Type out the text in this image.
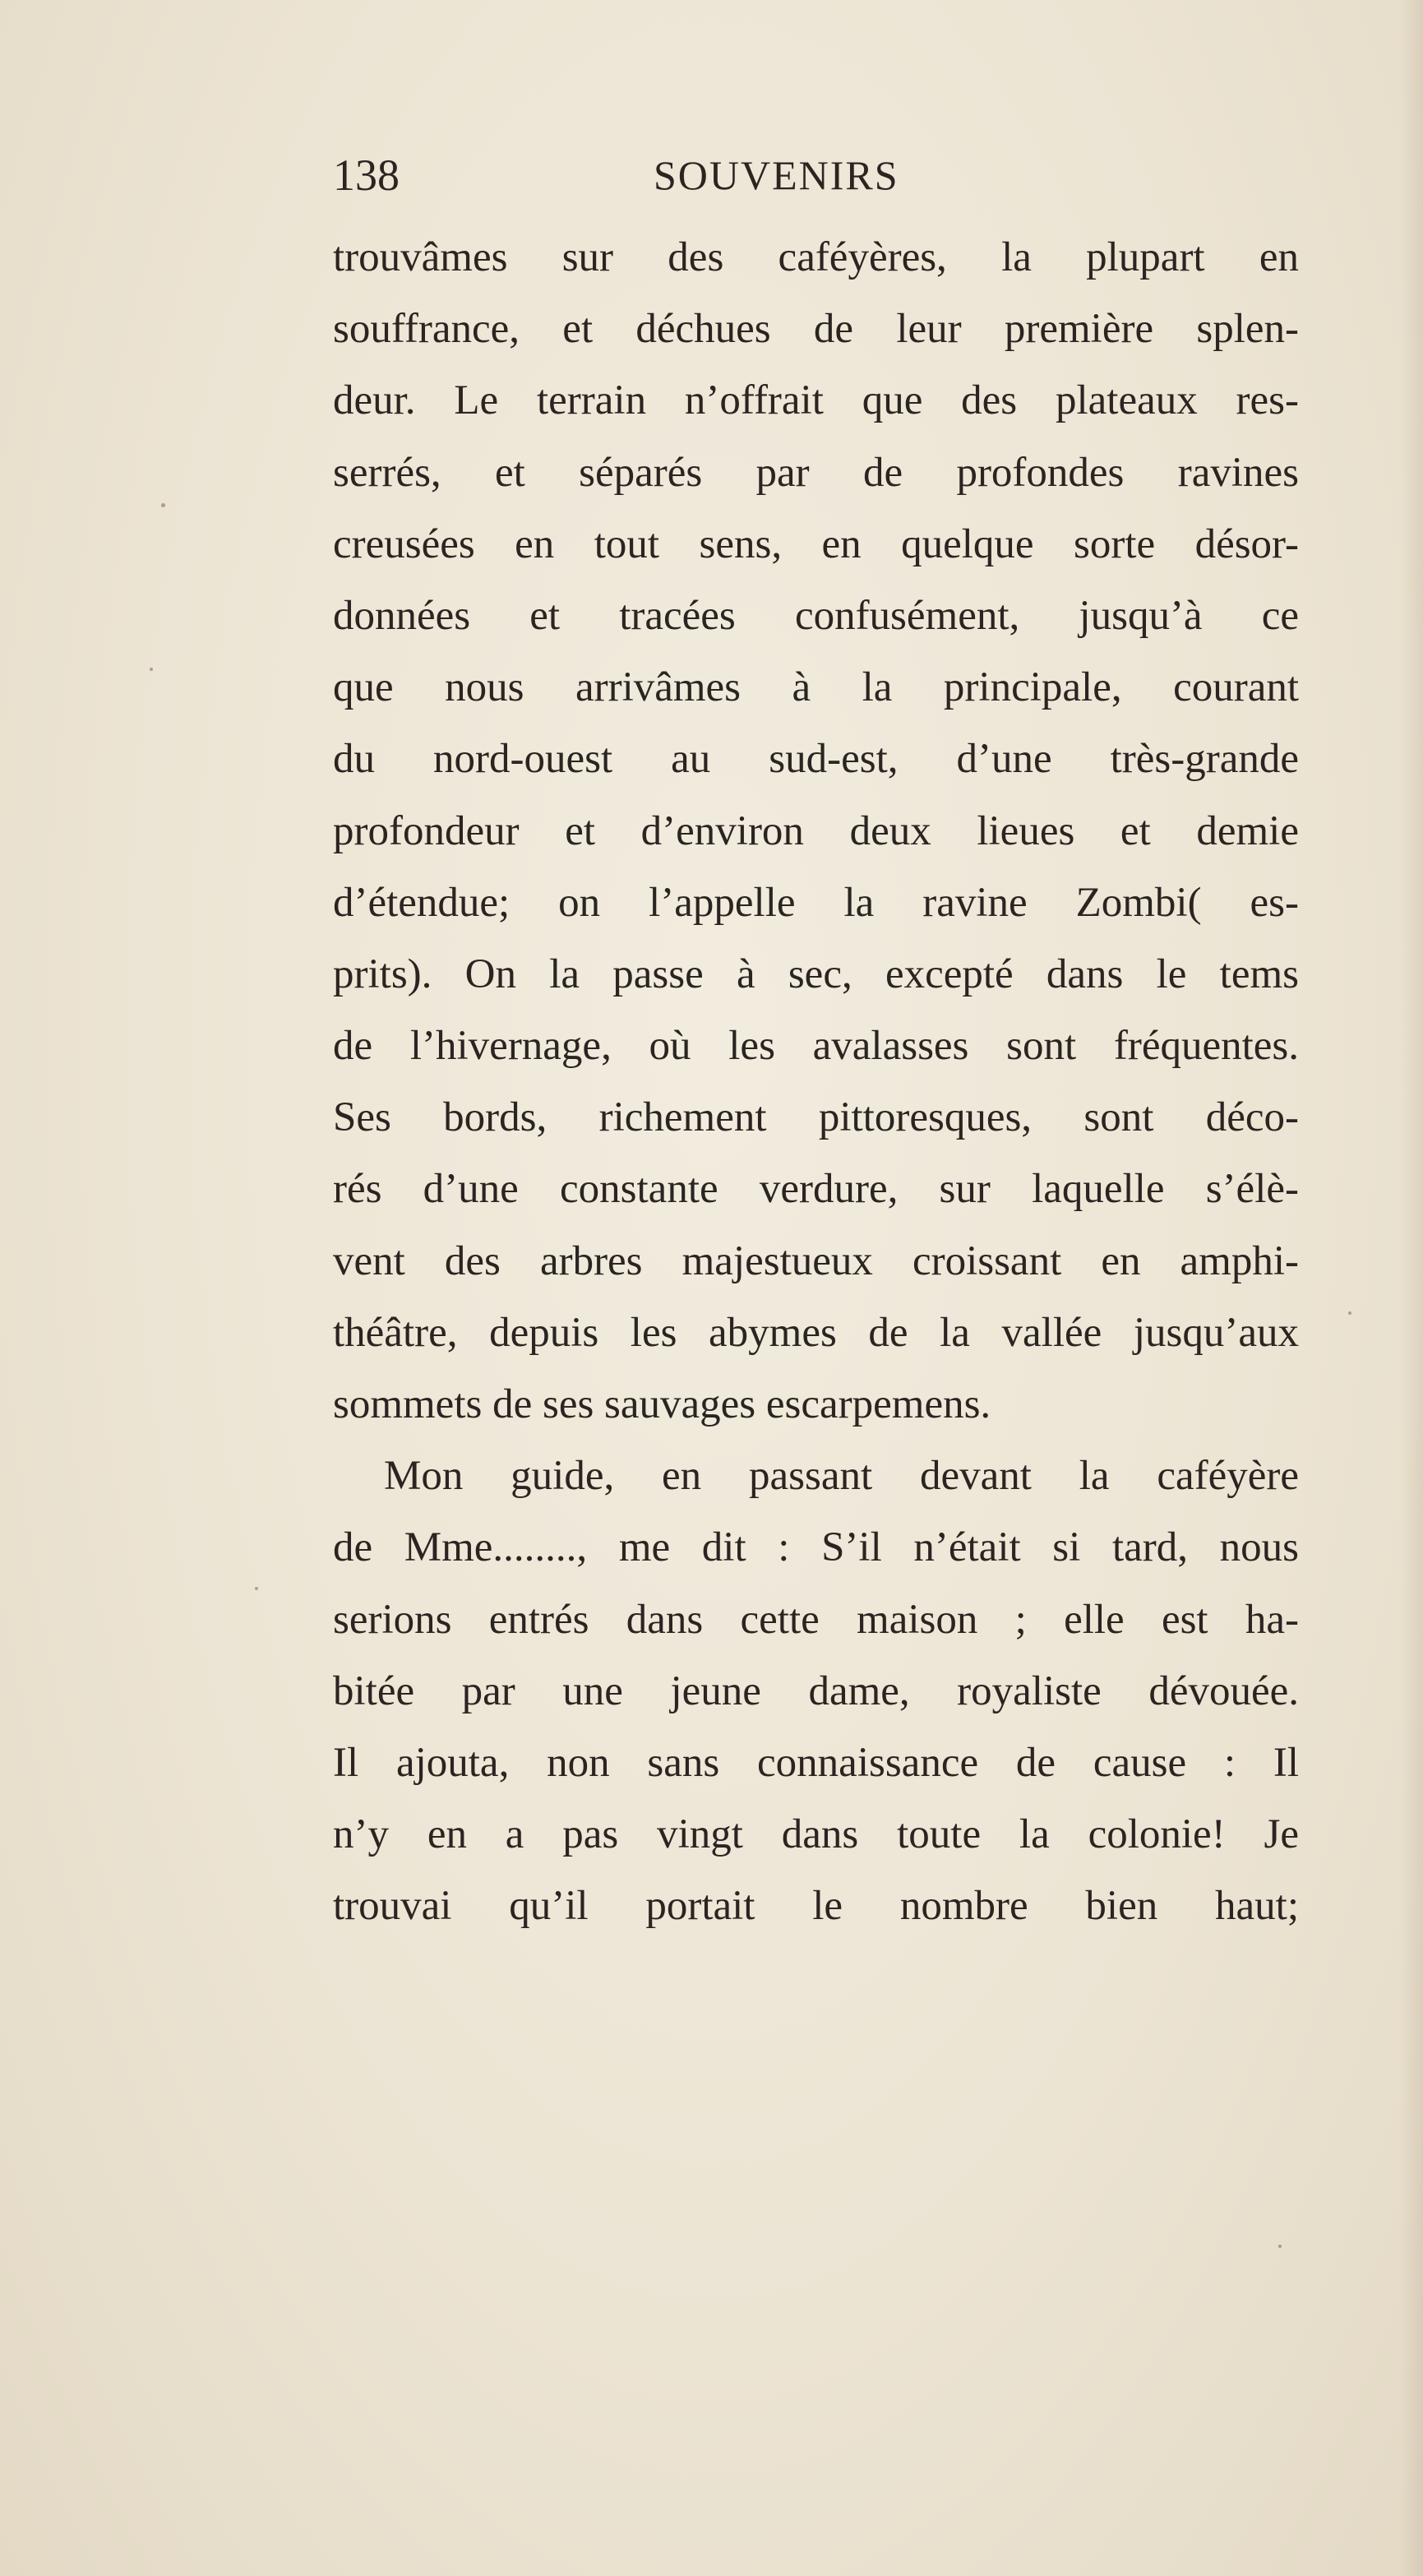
138	SOUVENIRS
trouvâmes sur des caféyères, la plupart en
souffrance, et déchues de leur première splen-
deur. Le terrain n’offrait que des plateaux res-
serrés, et séparés par de profondes ravines
creusées en tout sens, en quelque sorte désor-
données et tracées confusément, jusqu’à ce
que nous arrivâmes à la principale, courant
du nord-ouest au sud-est, d’une très-grande
profondeur et d’environ deux lieues et demie
d’étendue; on l’appelle la ravine Zombi( es-
prits). On la passe à sec, excepté dans le tems
de l’hivernage, où les avalasses sont fréquentes.
Ses bords, richement pittoresques, sont déco-
rés d’une constante verdure, sur laquelle s’élè-
vent des arbres majestueux croissant en amphi-
théâtre, depuis les abymes de la vallée jusqu’aux
sommets de ses sauvages escarpemens.
Mon guide, en passant devant la caféyère
de Mme........, me dit : S’il n’était si tard, nous
serions entrés dans cette maison ; elle est ha-
bitée par une jeune dame, royaliste dévouée.
Il ajouta, non sans connaissance de cause : Il
n’y en a pas vingt dans toute la colonie! Je
trouvai qu’il portait le nombre bien haut;
